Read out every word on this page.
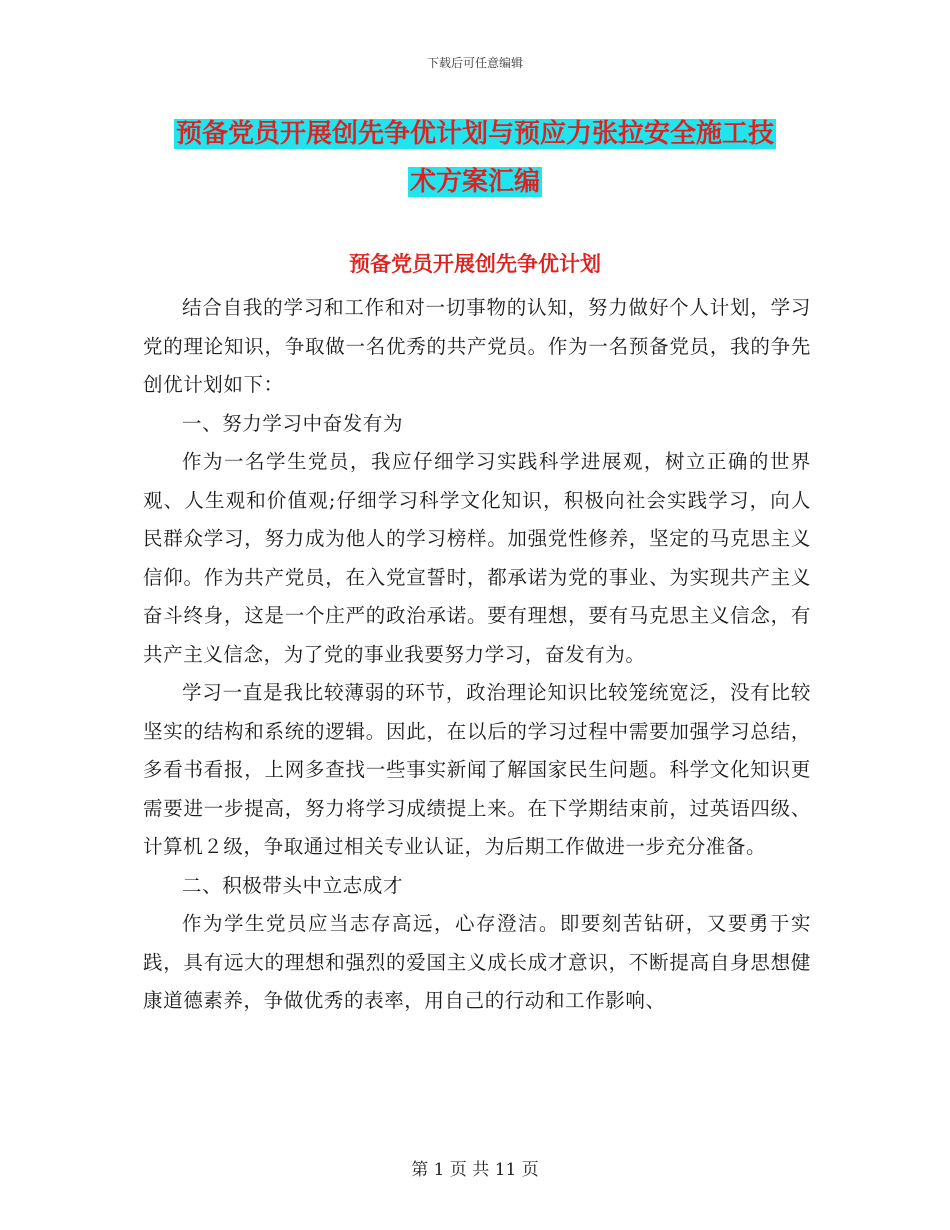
下载后可任意编辑
预备党员开展创先争优计划与预应力张拉安全施工技
术方案汇编
预备党员开展创先争优计划

结合自我的学习和工作和对一切事物的认知，努力做好个人计划，学习党的理论知识，争取做一名优秀的共产党员。作为一名预备党员，我的争先创优计划如下：

一、努力学习中奋发有为

作为一名学生党员，我应仔细学习实践科学进展观，树立正确的世界观、人生观和价值观;仔细学习科学文化知识，积极向社会实践学习，向人民群众学习，努力成为他人的学习榜样。加强党性修养，坚定的马克思主义信仰。作为共产党员，在入党宣誓时，都承诺为党的事业、为实现共产主义奋斗终身，这是一个庄严的政治承诺。要有理想，要有马克思主义信念，有共产主义信念，为了党的事业我要努力学习，奋发有为。

学习一直是我比较薄弱的环节，政治理论知识比较笼统宽泛，没有比较坚实的结构和系统的逻辑。因此，在以后的学习过程中需要加强学习总结，多看书看报，上网多查找一些事实新闻了解国家民生问题。科学文化知识更需要进一步提高，努力将学习成绩提上来。在下学期结束前，过英语四级、计算机２级，争取通过相关专业认证，为后期工作做进一步充分准备。

二、积极带头中立志成才

作为学生党员应当志存高远，心存澄洁。即要刻苦钻研，又要勇于实践，具有远大的理想和强烈的爱国主义成长成才意识，不断提高自身思想健康道德素养，争做优秀的表率，用自己的行动和工作影响、

第 1 页 共 11 页
